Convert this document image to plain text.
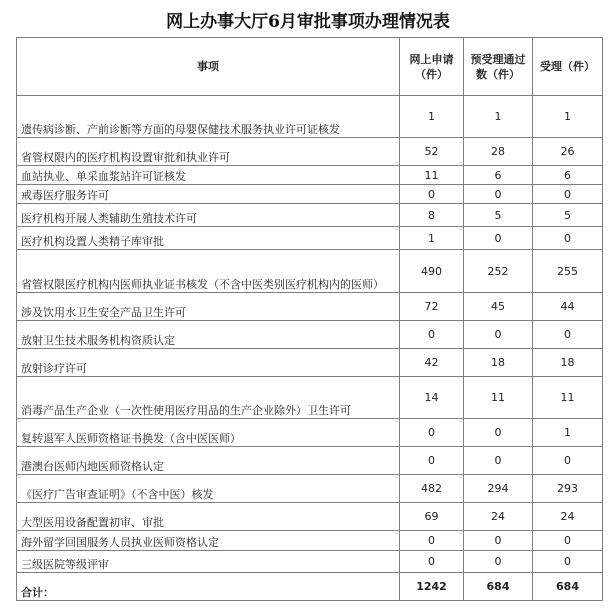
网上办事大厅6月审批事项办理情况表
事项	网上申请（件）	预受理通过数（件）	受理（件）
遗传病诊断、产前诊断等方面的母婴保健技术服务执业许可证核发	1	1	1
省管权限内的医疗机构设置审批和执业许可	52	28	26
血站执业、单采血浆站许可证核发	11	6	6
戒毒医疗服务许可	0	0	0
医疗机构开展人类辅助生殖技术许可	8	5	5
医疗机构设置人类精子库审批	1	0	0
省管权限医疗机构内医师执业证书核发（不含中医类别医疗机构内的医师）	490	252	255
涉及饮用水卫生安全产品卫生许可	72	45	44
放射卫生技术服务机构资质认定	0	0	0
放射诊疗许可	42	18	18
消毒产品生产企业（一次性使用医疗用品的生产企业除外）卫生许可	14	11	11
复转退军人医师资格证书换发（含中医医师）	0	0	1
港澳台医师内地医师资格认定	0	0	0
《医疗广告审查证明》（不含中医）核发	482	294	293
大型医用设备配置初审、审批	69	24	24
海外留学回国服务人员执业医师资格认定	0	0	0
三级医院等级评审	0	0	0
合计：	1242	684	684
